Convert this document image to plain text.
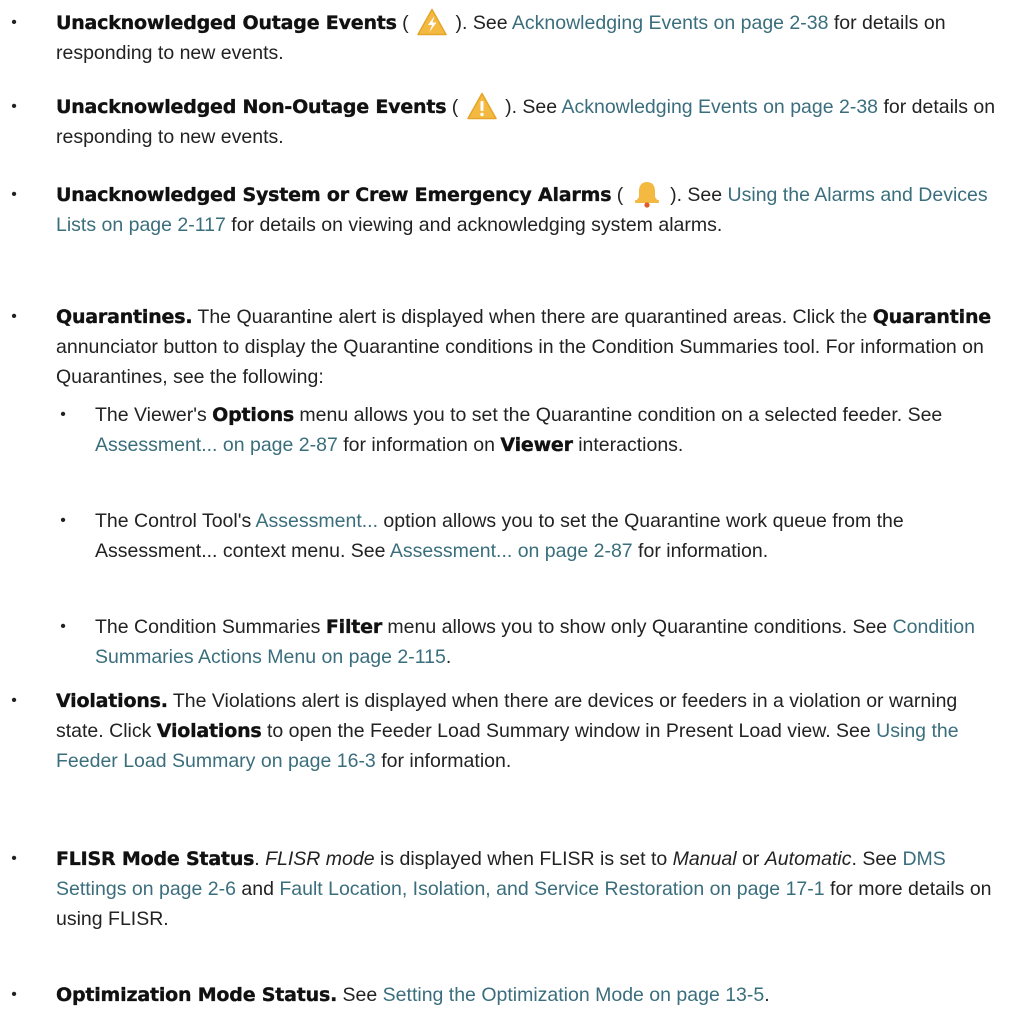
• Unacknowledged Outage Events (
). See Acknowledging Events on page 2-38 for details on responding to new events.
• Unacknowledged Non-Outage Events (
). See Acknowledging Events on page 2-38 for details on responding to new events.
• Unacknowledged System or Crew Emergency Alarms (
). See Using the Alarms and Devices Lists on page 2-117 for details on viewing and acknowledging system alarms.
• Quarantines. The Quarantine alert is displayed when there are quarantined areas. Click the Quarantine annunciator button to display the Quarantine conditions in the Condition Summaries tool. For information on Quarantines, see the following:
• The Viewer's Options menu allows you to set the Quarantine condition on a selected feeder. See Assessment... on page 2-87 for information on Viewer interactions.
• The Control Tool's Assessment... option allows you to set the Quarantine work queue from the Assessment... context menu. See Assessment... on page 2-87 for information.
• The Condition Summaries Filter menu allows you to show only Quarantine conditions. See Condition Summaries Actions Menu on page 2-115.
• Violations. The Violations alert is displayed when there are devices or feeders in a violation or warning state. Click Violations to open the Feeder Load Summary window in Present Load view. See Using the Feeder Load Summary on page 16-3 for information.
• FLISR Mode Status. FLISR mode is displayed when FLISR is set to Manual or Automatic. See DMS Settings on page 2-6 and Fault Location, Isolation, and Service Restoration on page 17-1 for more details on using FLISR.
• Optimization Mode Status. See Setting the Optimization Mode on page 13-5.
